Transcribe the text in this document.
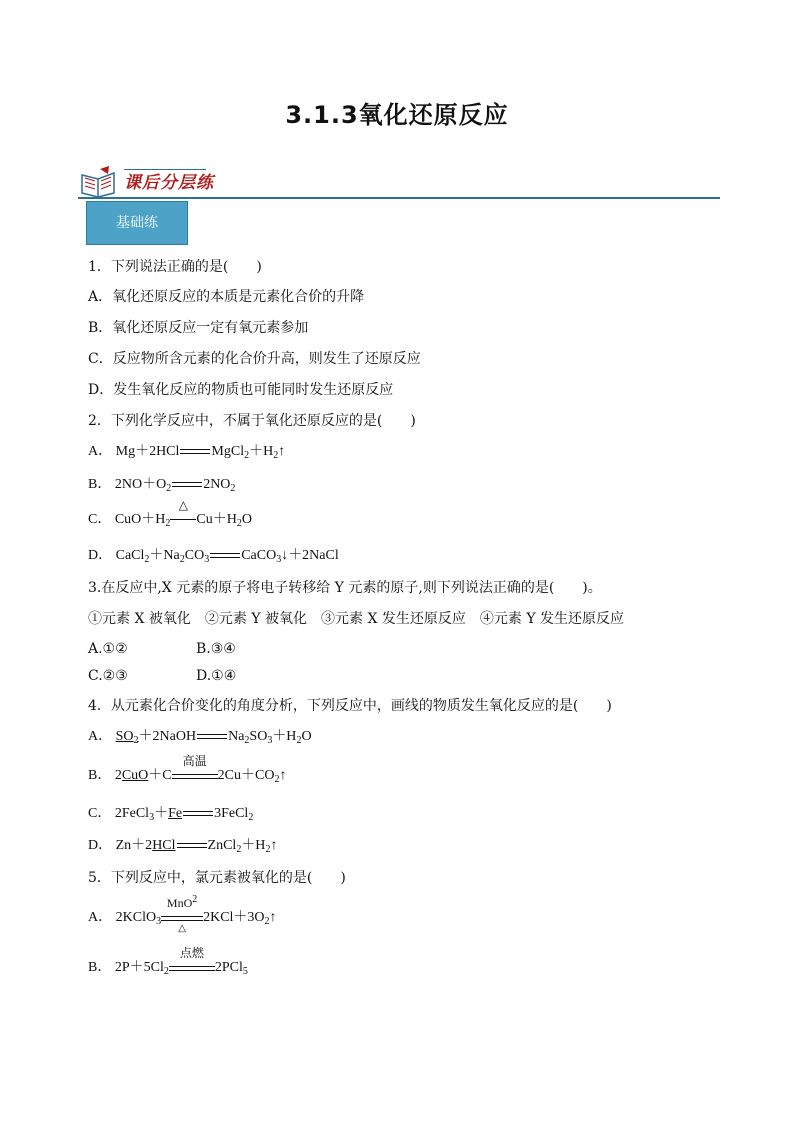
3.1.3氧化还原反应
课后分层练
基础练
1．下列说法正确的是(　　)
A．氧化还原反应的本质是元素化合价的升降
B．氧化还原反应一定有氧元素参加
C．反应物所含元素的化合价升高，则发生了还原反应
D．发生氧化反应的物质也可能同时发生还原反应
2．下列化学反应中，不属于氧化还原反应的是(　　)
A． Mg＋2HCl $MgCl_2+H_2↑$
B． $2NO+O_2$ $2NO_2$
C． $CuO+H_2$
△
$Cu+H_2O$
D． $CaCl_2+Na_2CO_3$ CaCO$_3$↓＋2NaCl
3.在反应中,X 元素的原子将电子转移给 Y 元素的原子,则下列说法正确的是(　　)。
①元素 X 被氧化　②元素 Y 被氧化　③元素 X 发生还原反应　④元素 Y 发生还原反应
A.①②	B.③④
C.②③	D.①④
4．从元素化合价变化的角度分析，下列反应中，画线的物质发生氧化反应的是(　　)
A． $SO_2+2NaOH$ $Na_2SO_3+H_2O$
B． 2CuO＋C
高温
$2Cu+CO_2↑$
C． 2FeCl$_3$＋Fe 3FeCl$_2$
D． Zn＋2HCl $ZnCl_2+H_2↑$
5．下列反应中，氯元素被氧化的是(　　)
A． 2KClO$_3$
MnO$^2$
△
$2KCl+3O_2↑$
B． $2P+5Cl_2$
点燃
2PCl$_5$
